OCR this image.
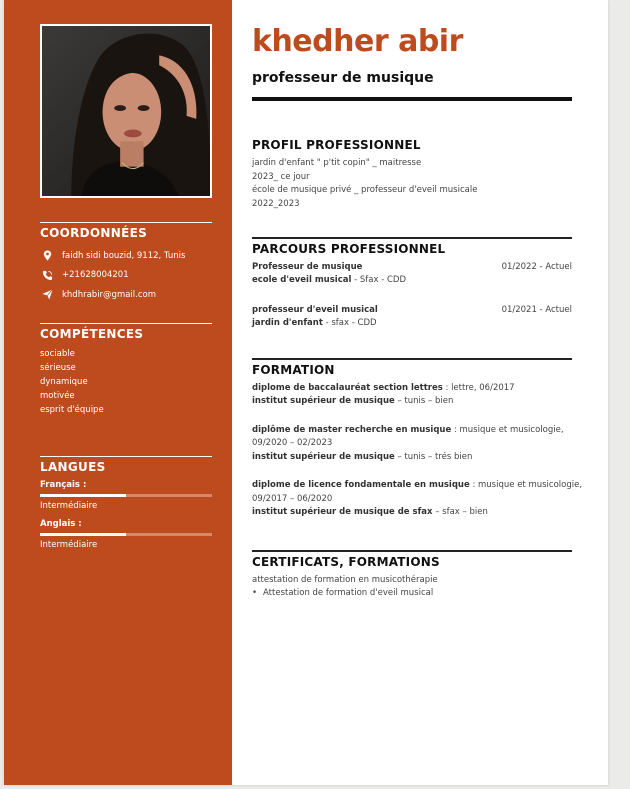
COORDONNÉES
faidh sidi bouzid, 9112, Tunis
+21628004201
khdhrabir@gmail.com
COMPÉTENCES
sociable
sérieuse
dynamique
motivée
esprit d'équipe
LANGUES
Français :
Intermédiaire
Anglais :
Intermédiaire
khedher abir
professeur de musique
PROFIL PROFESSIONNEL
jardin d'enfant " p'tit copin" _ maitresse
2023_ ce jour
école de musique privé _ professeur d'eveil musicale
2022_2023
PARCOURS PROFESSIONNEL
Professeur de musique	01/2022 - Actuel
ecole d'eveil musical - Sfax - CDD
professeur d'eveil musical	01/2021 - Actuel
jardin d'enfant - sfax - CDD
FORMATION
diplome de baccalauréat section lettres : lettre, 06/2017
institut supérieur de musique – tunis – bien
diplôme de master recherche en musique : musique et musicologie,
09/2020 – 02/2023
institut supérieur de musique – tunis – trés bien
diplome de licence fondamentale en musique : musique et musicologie,
09/2017 – 06/2020
institut supérieur de musique de sfax – sfax – bien
CERTIFICATS, FORMATIONS
attestation de formation en musicothérapie
• Attestation de formation d'eveil musical
